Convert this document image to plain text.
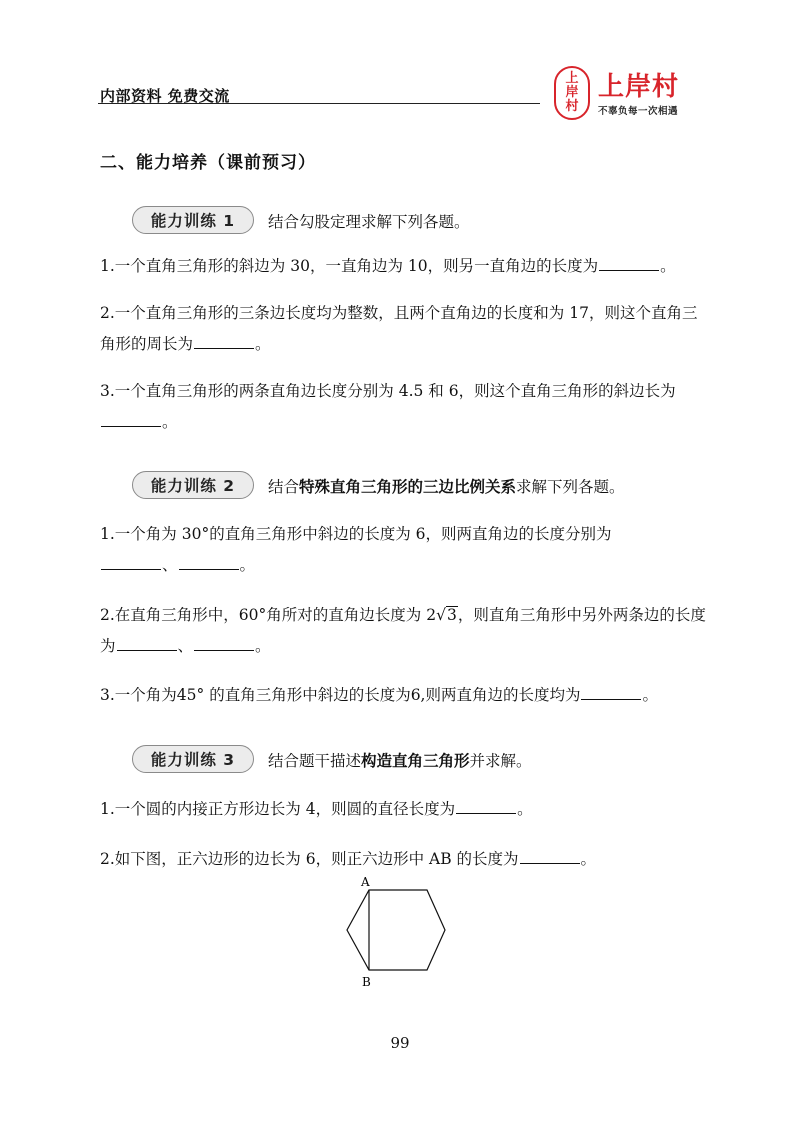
内部资料 免费交流
上
岸
村
上岸村
不辜负每一次相遇
二、能力培养（课前预习）
能力训练 1	结合勾股定理求解下列各题。
1.一个直角三角形的斜边为 30，一直角边为 10，则另一直角边的长度为	。
2.一个直角三角形的三条边长度均为整数，且两个直角边的长度和为 17，则这个直角三角形的周长为	。
3.一个直角三角形的两条直角边长度分别为 4.5 和 6，则这个直角三角形的斜边长为。
能力训练 2	结合特殊直角三角形的三边比例关系求解下列各题。
1.一个角为 30°的直角三角形中斜边的长度为 6，则两直角边的长度分别为
、	。
2.在直角三角形中，60°角所对的直角边长度为 2√3，则直角三角形中另外两条边的长度为	、	。
3.一个角为45° 的直角三角形中斜边的长度为6,则两直角边的长度均为	。
能力训练 3	结合题干描述构造直角三角形并求解。
1.一个圆的内接正方形边长为 4，则圆的直径长度为	。
2.如下图，正六边形的边长为 6，则正六边形中 AB 的长度为	。
A
B
99
